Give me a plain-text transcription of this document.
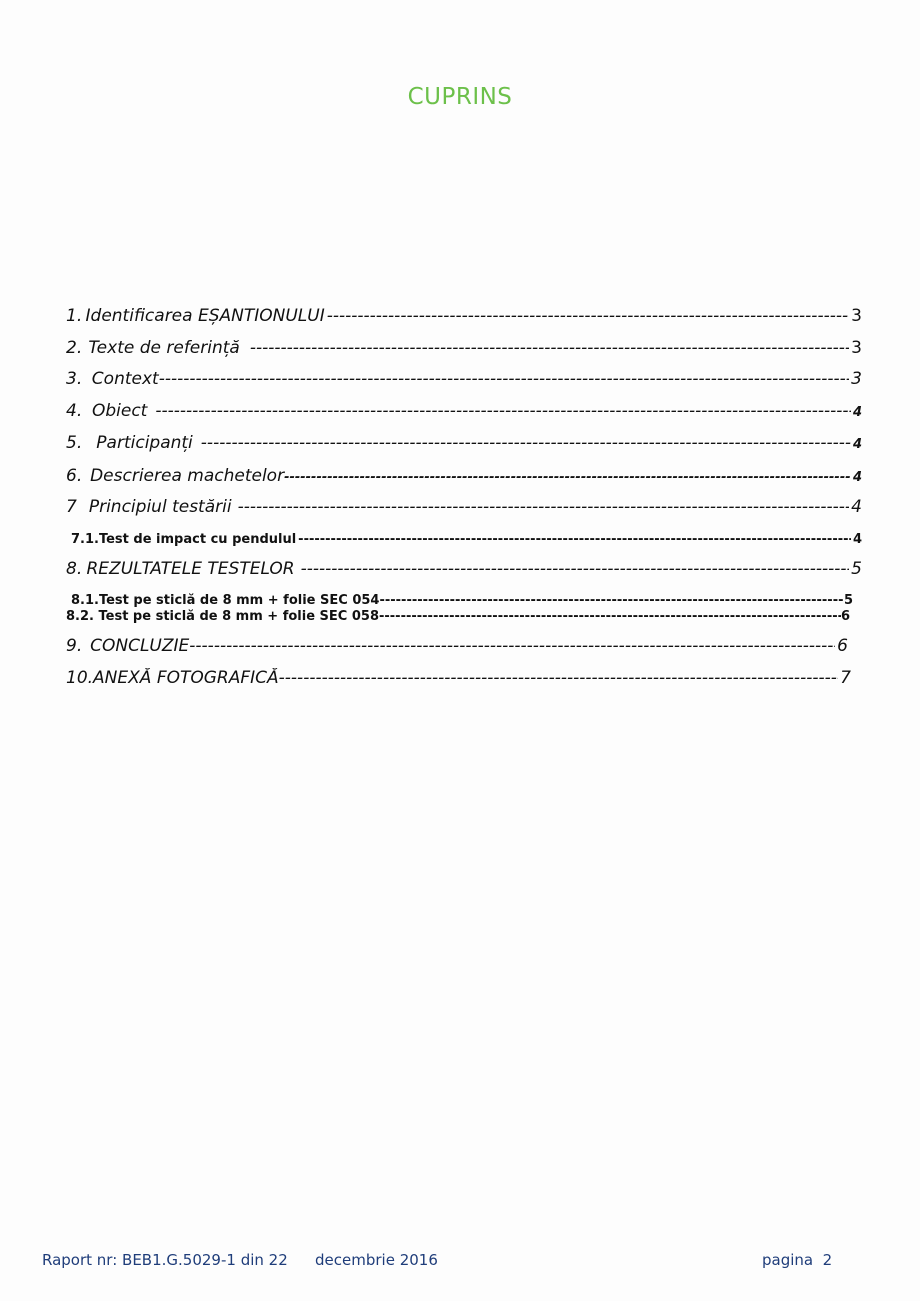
CUPRINS
1. Identificarea EȘANTIONULUI -----	3
2. Texte de referință -----	3
3. Context -----	3
4. Obiect -----	4
5. Participanți -----	4
6. Descrierea machetelor -----	4
7 Principiul testării -----	4
7.1. Test de impact cu pendulul -----	4
8. REZULTATELE TESTELOR -----	5
8.1.Test pe sticlă de 8 mm + folie SEC 054 -----	5
8.2. Test pe sticlă de 8 mm + folie SEC 058 -----	6
9. CONCLUZIE -----	6
10. ANEXĂ FOTOGRAFICĂ -----	7
Raport nr: BEB1.G.5029-1 din 22 decembrie 2016	pagina  2
